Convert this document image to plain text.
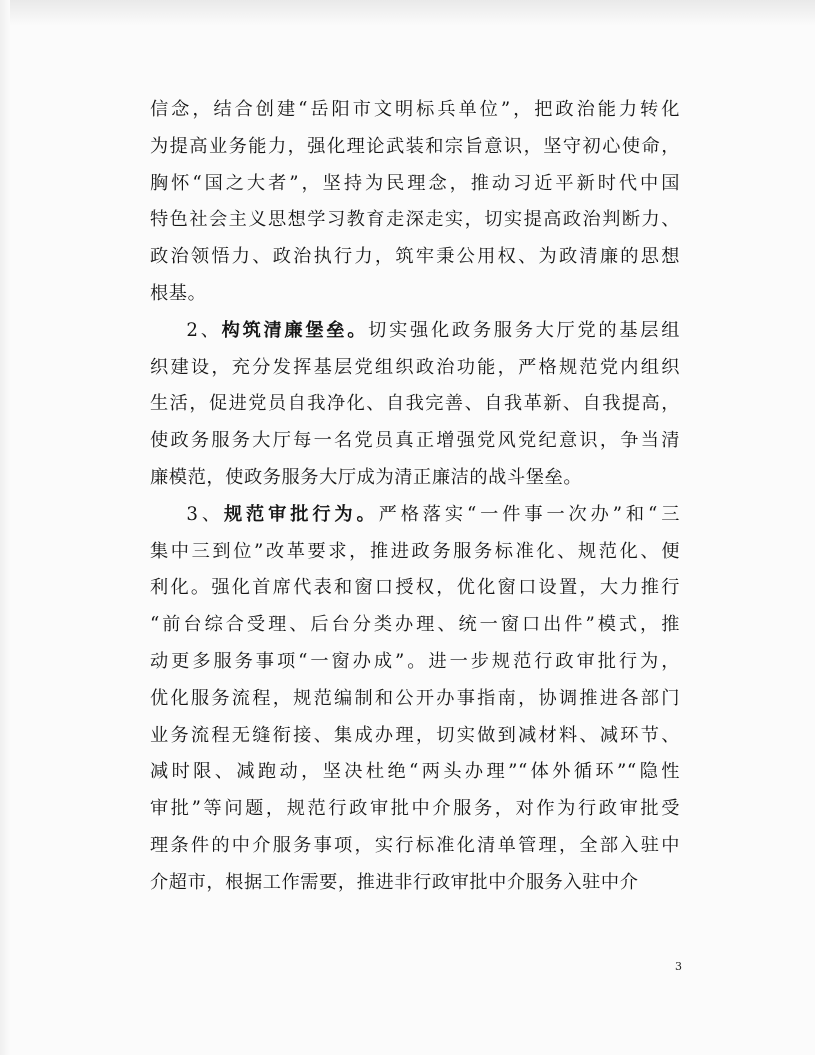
信念，结合创建“岳阳市文明标兵单位”，把政治能力转化
为提高业务能力，强化理论武装和宗旨意识，坚守初心使命，
胸怀“国之大者”，坚持为民理念，推动习近平新时代中国
特色社会主义思想学习教育走深走实，切实提高政治判断力、
政治领悟力、政治执行力，筑牢秉公用权、为政清廉的思想
根基。
2、构筑清廉堡垒。切实强化政务服务大厅党的基层组
织建设，充分发挥基层党组织政治功能，严格规范党内组织
生活，促进党员自我净化、自我完善、自我革新、自我提高，
使政务服务大厅每一名党员真正增强党风党纪意识，争当清
廉模范，使政务服务大厅成为清正廉洁的战斗堡垒。
3、规范审批行为。严格落实“一件事一次办”和“三
集中三到位”改革要求，推进政务服务标准化、规范化、便
利化。强化首席代表和窗口授权，优化窗口设置，大力推行
“前台综合受理、后台分类办理、统一窗口出件”模式，推
动更多服务事项“一窗办成”。进一步规范行政审批行为，
优化服务流程，规范编制和公开办事指南，协调推进各部门
业务流程无缝衔接、集成办理，切实做到减材料、减环节、
减时限、减跑动，坚决杜绝“两头办理”“体外循环”“隐性
审批”等问题，规范行政审批中介服务，对作为行政审批受
理条件的中介服务事项，实行标准化清单管理，全部入驻中
介超市，根据工作需要，推进非行政审批中介服务入驻中介
3
